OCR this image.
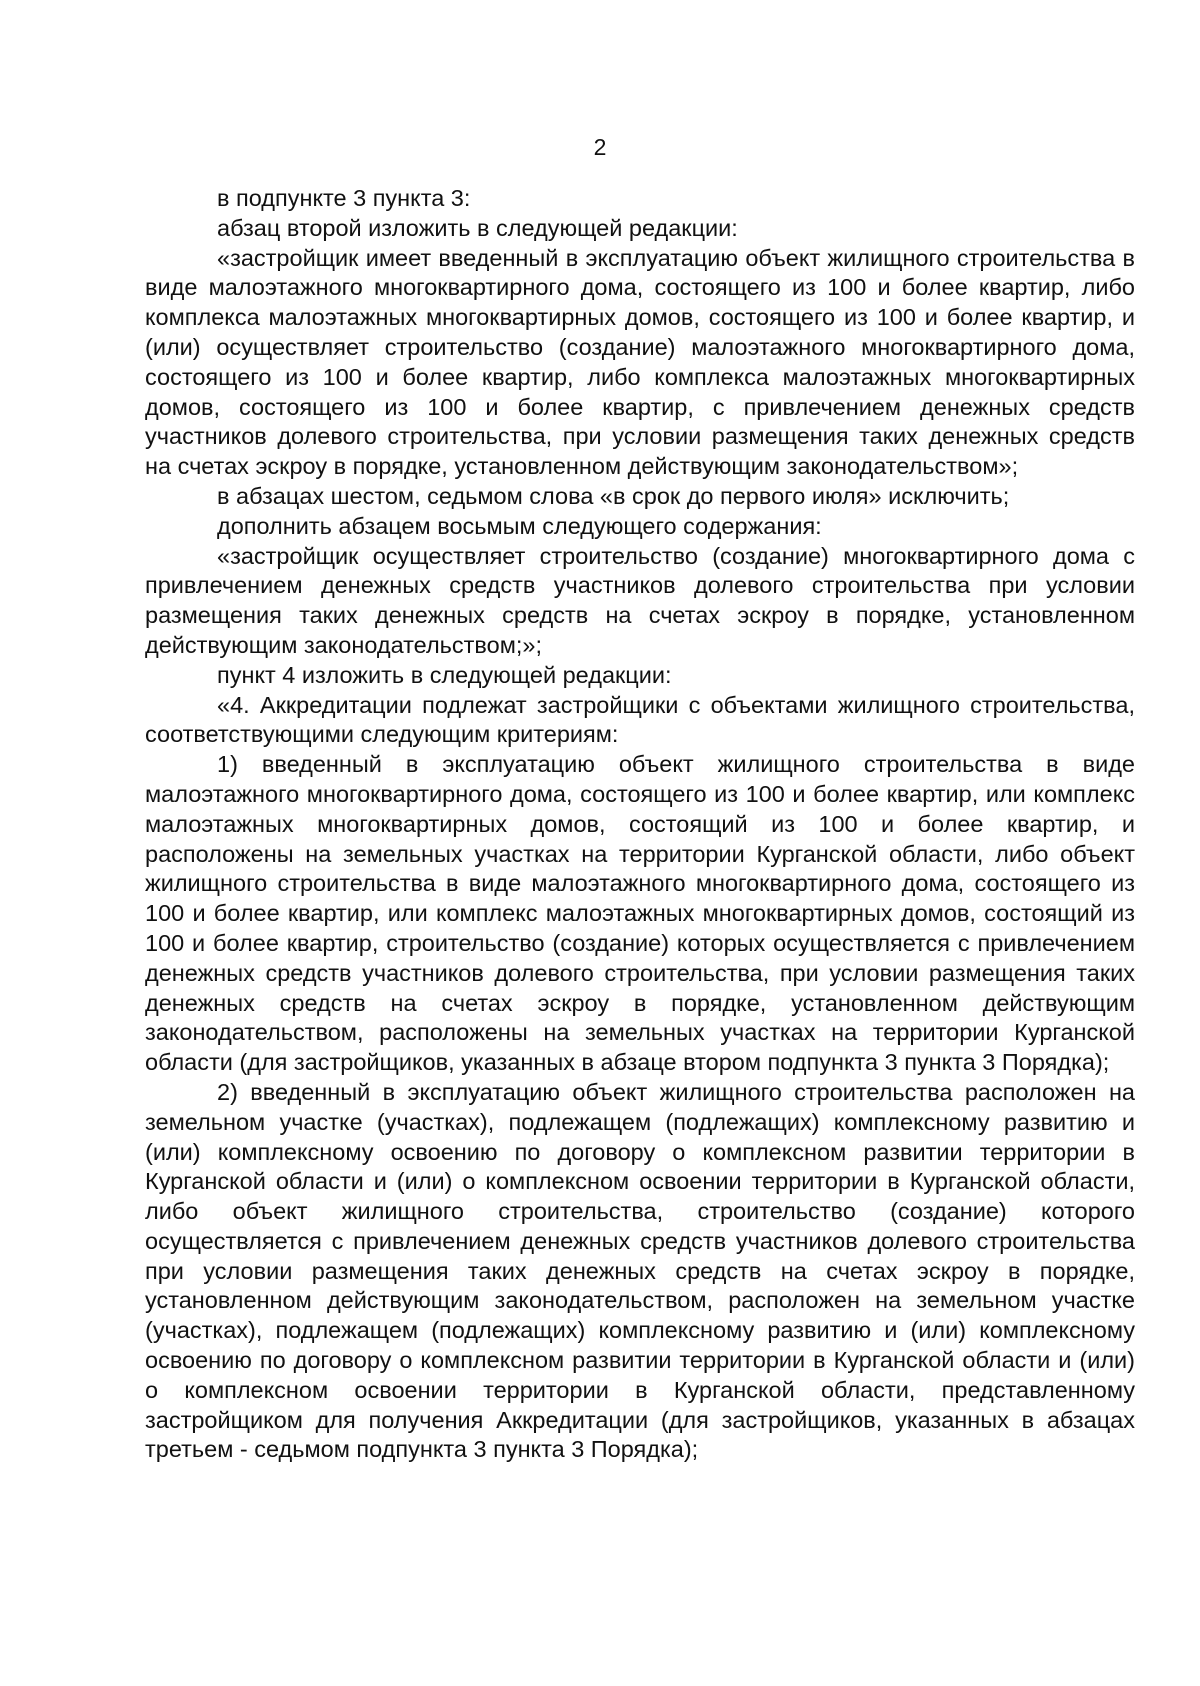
2

в подпункте 3 пункта 3:

абзац второй изложить в следующей редакции:

«застройщик имеет введенный в эксплуатацию объект жилищного строительства в виде малоэтажного многоквартирного дома, состоящего из 100 и более квартир, либо комплекса малоэтажных многоквартирных домов, состоящего из 100 и более квартир, и (или) осуществляет строительство (создание) малоэтажного многоквартирного дома, состоящего из 100 и более квартир, либо комплекса малоэтажных многоквартирных домов, состоящего из 100 и более квартир, с привлечением денежных средств участников долевого строительства, при условии размещения таких денежных средств на счетах эскроу в порядке, установленном действующим законодательством»;

в абзацах шестом, седьмом слова «в срок до первого июля» исключить;

дополнить абзацем восьмым следующего содержания:

«застройщик осуществляет строительство (создание) многоквартирного дома с привлечением денежных средств участников долевого строительства при условии размещения таких денежных средств на счетах эскроу в порядке, установленном действующим законодательством;»;

пункт 4 изложить в следующей редакции:

«4. Аккредитации подлежат застройщики с объектами жилищного строительства, соответствующими следующим критериям:

1) введенный в эксплуатацию объект жилищного строительства в виде малоэтажного многоквартирного дома, состоящего из 100 и более квартир, или комплекс малоэтажных многоквартирных домов, состоящий из 100 и более квартир, и расположены на земельных участках на территории Курганской области, либо объект жилищного строительства в виде малоэтажного многоквартирного дома, состоящего из 100 и более квартир, или комплекс малоэтажных многоквартирных домов, состоящий из 100 и более квартир, строительство (создание) которых осуществляется с привлечением денежных средств участников долевого строительства, при условии размещения таких денежных средств на счетах эскроу в порядке, установленном действующим законодательством, расположены на земельных участках на территории Курганской области (для застройщиков, указанных в абзаце втором подпункта 3 пункта 3 Порядка);

2) введенный в эксплуатацию объект жилищного строительства расположен на земельном участке (участках), подлежащем (подлежащих) комплексному развитию и (или) комплексному освоению по договору о комплексном развитии территории в Курганской области и (или) о комплексном освоении территории в Курганской области, либо объект жилищного строительства, строительство (создание) которого осуществляется с привлечением денежных средств участников долевого строительства при условии размещения таких денежных средств на счетах эскроу в порядке, установленном действующим законодательством, расположен на земельном участке (участках), подлежащем (подлежащих) комплексному развитию и (или) комплексному освоению по договору о комплексном развитии территории в Курганской области и (или) о комплексном освоении территории в Курганской области, представленному застройщиком для получения Аккредитации (для застройщиков, указанных в абзацах третьем - седьмом подпункта 3 пункта 3 Порядка);
